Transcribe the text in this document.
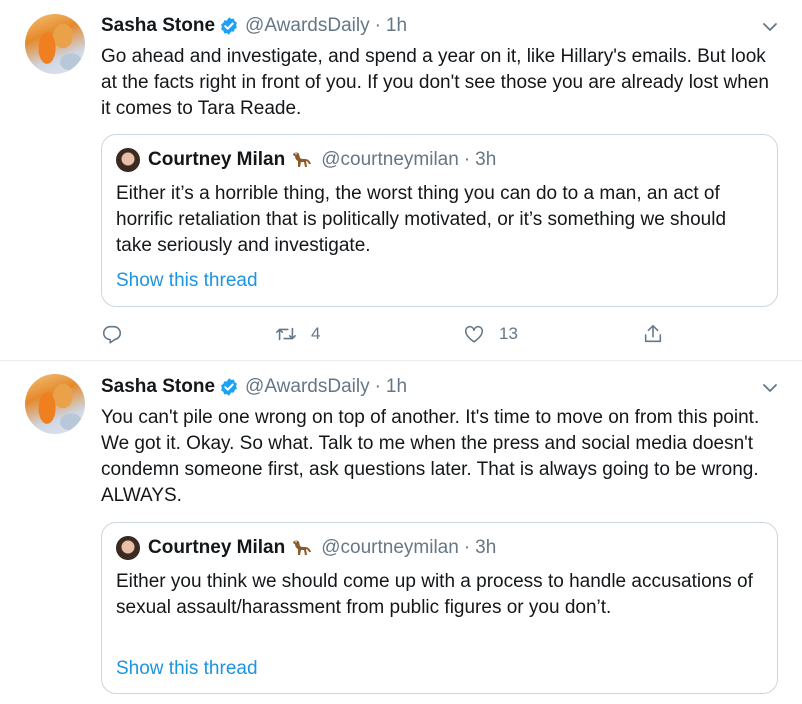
Sasha Stone @AwardsDaily · 1h
Go ahead and investigate, and spend a year on it, like Hillary's emails. But look at the facts right in front of you. If you don't see those you are already lost when it comes to Tara Reade.
Courtney Milan @courtneymilan · 3h
Either it’s a horrible thing, the worst thing you can do to a man, an act of horrific retaliation that is politically motivated, or it’s something we should take seriously and investigate.
Show this thread
4	13
Sasha Stone @AwardsDaily · 1h
You can't pile one wrong on top of another. It's time to move on from this point. We got it. Okay. So what. Talk to me when the press and social media doesn't condemn someone first, ask questions later. That is always going to be wrong. ALWAYS.
Courtney Milan @courtneymilan · 3h
Either you think we should come up with a process to handle accusations of sexual assault/harassment from public figures or you don’t.
Show this thread
